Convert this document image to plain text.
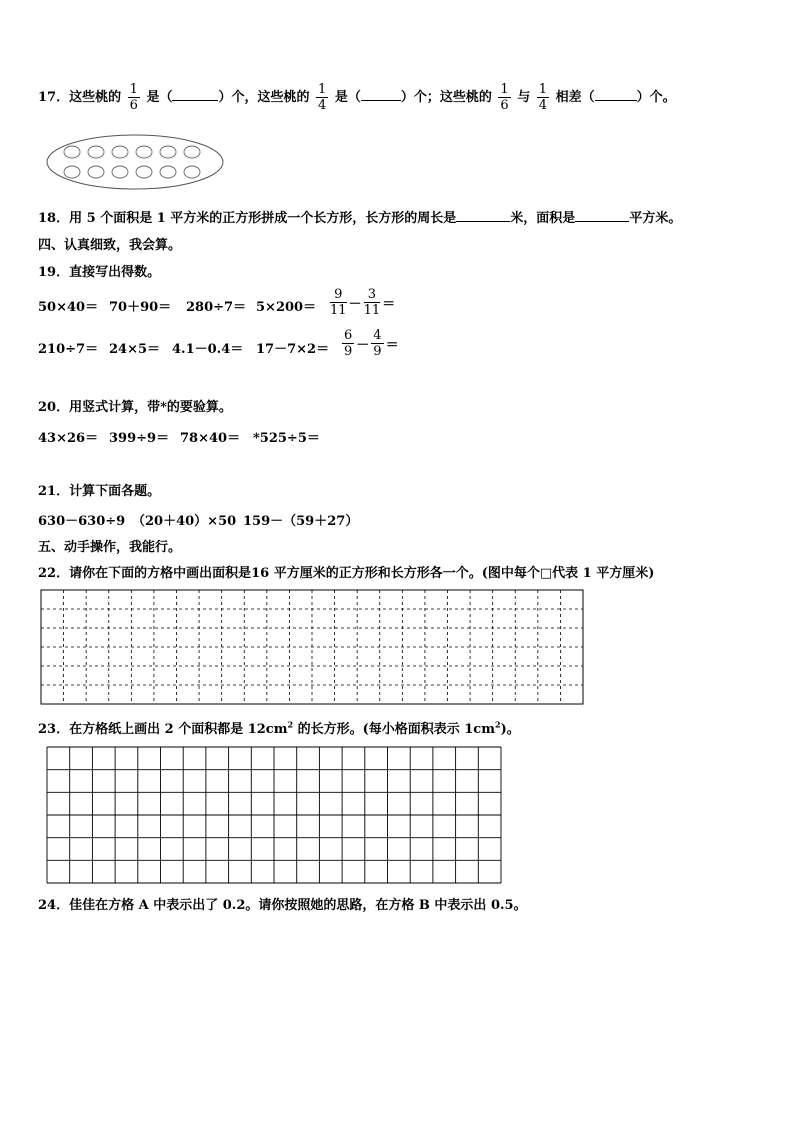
17．这些桃的 $\frac{1}{6}$ 是（	）个，这些桃的 $\frac{1}{4}$ 是（	）个；这些桃的 $\frac{1}{6}$ 与 $\frac{1}{4}$ 相差（	）个。
18．用 5 个面积是 1 平方米的正方形拼成一个长方形，长方形的周长是	米，面积是	平方米。
四、认真细致，我会算。
19．直接写出得数。
$50\times 40= 70+90= 280\div 7= 5\times 200= \frac{9}{11} - \frac{3}{11}$ ＝
$210\div 7= 24\times 5= 4.1-0.4= 17-7\times 2= \frac{6}{9} - \frac{4}{9}$ ＝
20．用竖式计算，带*的要验算。
43×26＝ 399÷9＝ 78×40＝ *525÷5＝
21．计算下面各题。
630－630÷9 （20＋40）×50 159－（59＋27）
五、动手操作，我能行。
22．请你在下面的方格中画出面积是16 平方厘米的正方形和长方形各一个。(图中每个□代表 1 平方厘米)
23．在方格纸上画出 2 个面积都是 $12cm^2$ 的长方形。(每小格面积表示 $1cm^2$)。
24．佳佳在方格 A 中表示出了 0.2。请你按照她的思路，在方格 B 中表示出 0.5。
